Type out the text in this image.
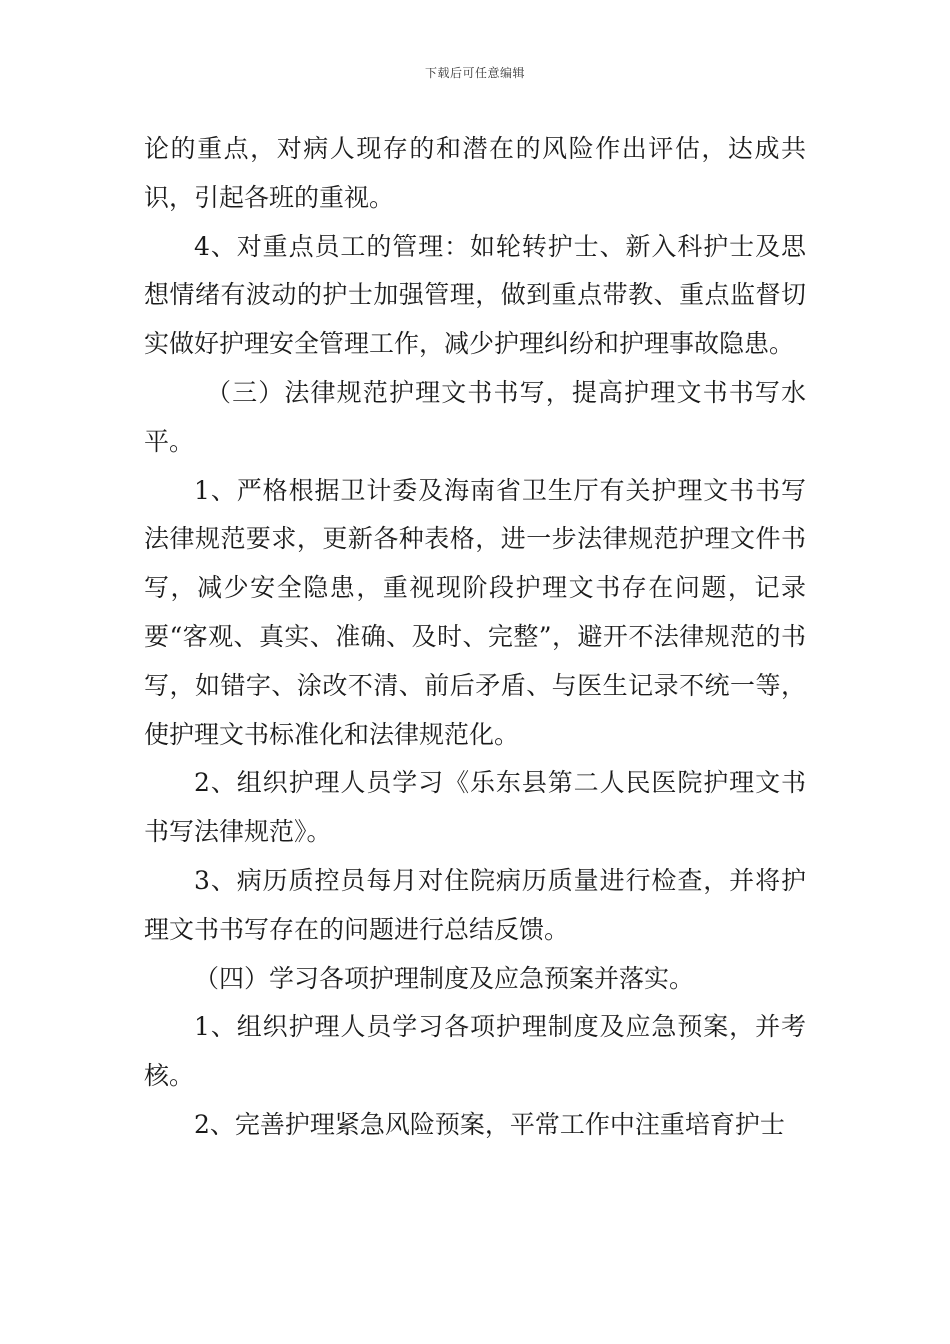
下载后可任意编辑

论的重点，对病人现存的和潜在的风险作出评估，达成共识，引起各班的重视。

4、对重点员工的管理：如轮转护士、新入科护士及思想情绪有波动的护士加强管理，做到重点带教、重点监督切实做好护理安全管理工作，减少护理纠纷和护理事故隐患。

（三）法律规范护理文书书写，提高护理文书书写水平。

1、严格根据卫计委及海南省卫生厅有关护理文书书写法律规范要求，更新各种表格，进一步法律规范护理文件书写，减少安全隐患，重视现阶段护理文书存在问题，记录要“客观、真实、准确、及时、完整”，避开不法律规范的书写，如错字、涂改不清、前后矛盾、与医生记录不统一等，使护理文书标准化和法律规范化。

2、组织护理人员学习《乐东县第二人民医院护理文书书写法律规范》。

3、病历质控员每月对住院病历质量进行检查，并将护理文书书写存在的问题进行总结反馈。

（四）学习各项护理制度及应急预案并落实。

1、组织护理人员学习各项护理制度及应急预案，并考核。

2、完善护理紧急风险预案，平常工作中注重培育护士
